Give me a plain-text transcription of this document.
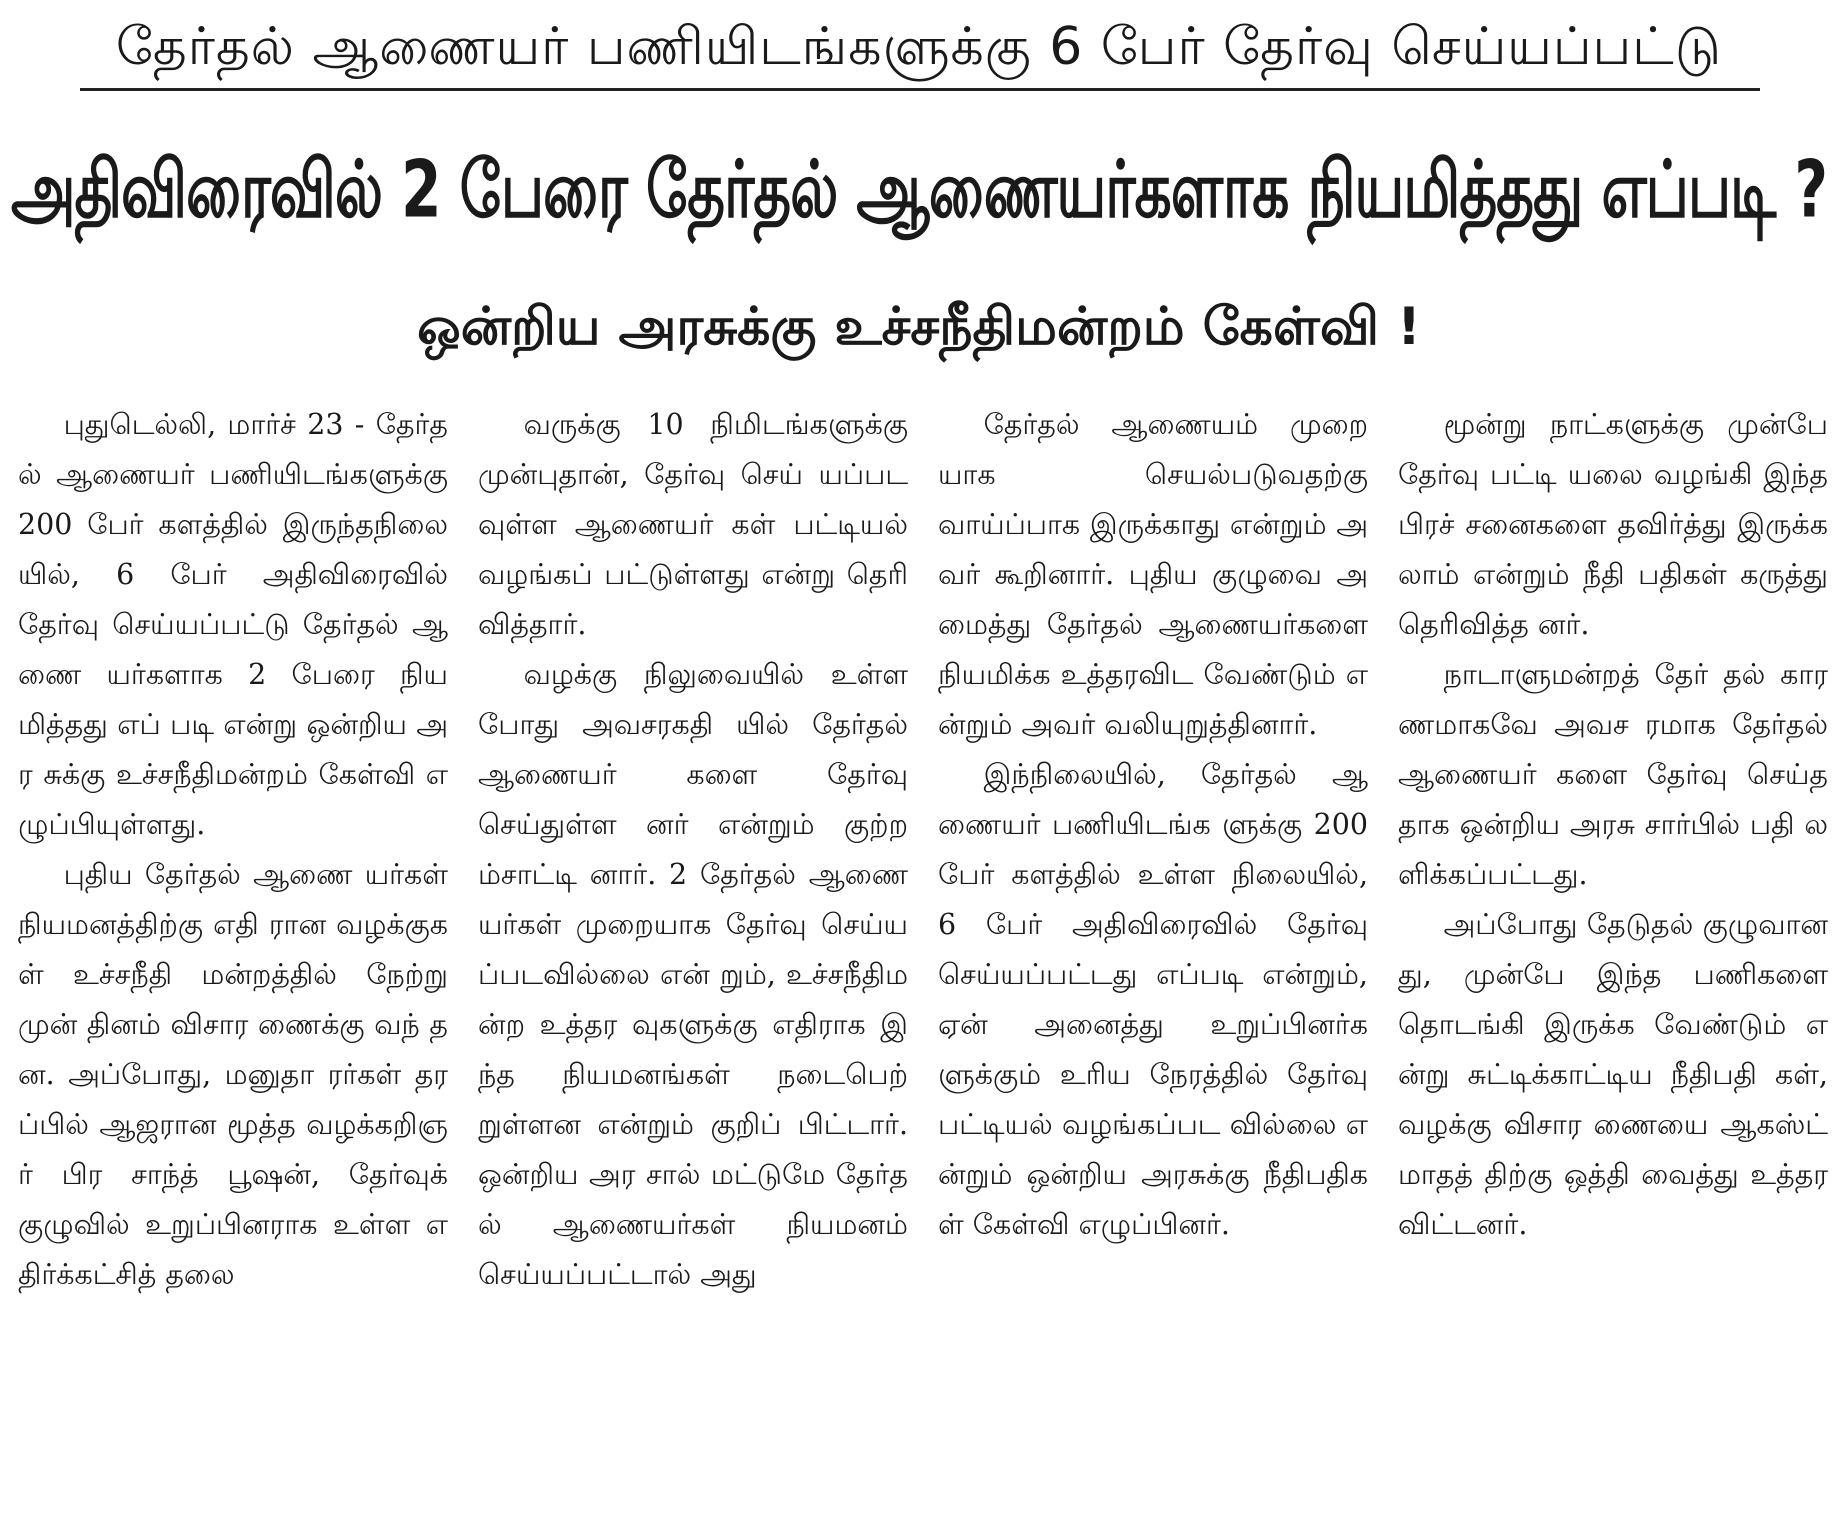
தேர்தல் ஆணையர் பணியிடங்களுக்கு 6 பேர் தேர்வு செய்யப்பட்டு
அதிவிரைவில் 2 பேரை தேர்தல் ஆணையர்களாக நியமித்தது எப்படி ?
ஒன்றிய அரசுக்கு உச்சநீதிமன்றம் கேள்வி !

புதுடெல்லி, மார்ச் 23 - தேர்தல் ஆணையர் பணியிடங்களுக்கு 200 பேர் களத்தில் இருந்தநிலை யில், 6 பேர் அதிவிரைவில் தேர்வு செய்யப்பட்டு தேர்தல் ஆணை யர்களாக 2 பேரை நியமித்தது எப் படி என்று ஒன்றிய அர சுக்கு உச்சநீதிமன்றம் கேள்வி எழுப்பியுள்ளது.

புதிய தேர்தல் ஆணை யர்கள் நியமனத்திற்கு எதி ரான வழக்குகள் உச்சநீதி மன்றத்தில் நேற்று முன் தினம் விசார ணைக்கு வந் தன. அப்போது, மனுதா ரர்கள் தரப்பில் ஆஜரான மூத்த வழக்கறிஞர் பிர சாந்த் பூஷன், தேர்வுக் குழுவில் உறுப்பினராக உள்ள எதிர்க்கட்சித் தலை

வருக்கு 10 நிமிடங்களுக்கு முன்புதான், தேர்வு செய் யப்படவுள்ள ஆணையர் கள் பட்டியல் வழங்கப் பட்டுள்ளது என்று தெரி வித்தார்.

வழக்கு நிலுவையில் உள்ளபோது அவசரகதி யில் தேர்தல் ஆணையர் களை தேர்வு செய்துள்ள னர் என்றும் குற்றம்சாட்டி னார். 2 தேர்தல் ஆணை யர்கள் முறையாக தேர்வு செய்யப்படவில்லை என் றும், உச்சநீதிமன்ற உத்தர வுகளுக்கு எதிராக இந்த நியமனங்கள் நடைபெற் றுள்ளன என்றும் குறிப் பிட்டார். ஒன்றிய அர சால் மட்டுமே தேர்தல் ஆணையர்கள் நியமனம் செய்யப்பட்டால் அது

தேர்தல் ஆணையம் முறை யாக செயல்படுவதற்கு வாய்ப்பாக இருக்காது என்றும் அவர் கூறினார். புதிய குழுவை அமைத்து தேர்தல் ஆணையர்களை நியமிக்க உத்தரவிட வேண்டும் என்றும் அவர் வலியுறுத்தினார்.

இந்நிலையில், தேர்தல் ஆணையர் பணியிடங்க ளுக்கு 200 பேர் களத்தில் உள்ள நிலையில், 6 பேர் அதிவிரைவில் தேர்வு செய்யப்பட்டது எப்படி என்றும், ஏன் அனைத்து உறுப்பினர்களுக்கும் உரிய நேரத்தில் தேர்வு பட்டியல் வழங்கப்பட வில்லை என்றும் ஒன்றிய அரசுக்கு நீதிபதிகள் கேள்வி எழுப்பினர்.

மூன்று நாட்களுக்கு முன்பே தேர்வு பட்டி யலை வழங்கி இந்த பிரச் சனைகளை தவிர்த்து இருக்கலாம் என்றும் நீதி பதிகள் கருத்து தெரிவித்த னர்.

நாடாளுமன்றத் தேர் தல் காரணமாகவே அவச ரமாக தேர்தல் ஆணையர் களை தேர்வு செய்த தாக ஒன்றிய அரசு சார்பில் பதி லளிக்கப்பட்டது.

அப்போது தேடுதல் குழுவானது, முன்பே இந்த பணிகளை தொடங்கி இருக்க வேண்டும் என்று சுட்டிக்காட்டிய நீதிபதி கள், வழக்கு விசார ணையை ஆகஸ்ட் மாதத் திற்கு ஒத்தி வைத்து உத்தர விட்டனர்.
